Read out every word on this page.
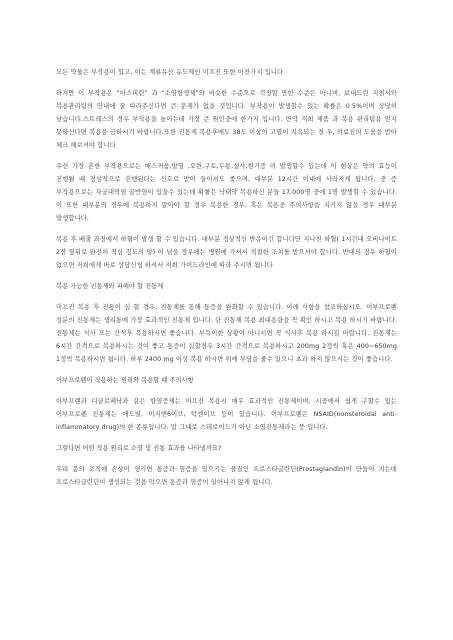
모든 약물은 부작용이 있고, 이는 계류유산 유도제인 미프진 또한 마찬가지 입니다.

하지만 이 부작용은 “아스피린” 과 “소염항생제”와 비슷한 수준으로 걱정할 만한 수준은 아니며, 보내드린 지침서와 복용관리팀의 안내에 잘 따라주신다면 큰 문제가 없을 것입니다. 부작용이 발생할수 있는 확률은 0.5%이며 상당히 낮습니다.스트레스의 경우 부작용을 높이는데 가장 큰 원인중에 한가지 입니다. 만약 저희 제품 과 복용 관리팀을 믿지 못하신다면 복용을 금하시기 바랍니다.또한 진통제 복용후에도 38도 이상의 고열이 지속되는 경 우, 의료진의 도움을 받아 체크 해보셔야 합니다

우선 가장 흔한 부작용으로는 매스꺼움,발열 ,오한,구토,두통,설사,현기증 이 발생할수 있는데 이 현상은 약의 효능이 진행될 때 정상적으로 진행된다는 신호로 받아 들이셔도 좋으며, 대부분 12시간 이내에 사라지게 됩니다. 중 증 부작용으로는 자궁내막염 골반염이 있을수 있는데 확률은 낙태약 복용하신 분들 17,000명 중에 1명 발생할 수 있습니다. 이 또한 대부분의 경우에 복용하지 말아야 할 경우 복용한 경우, 혹은 복용중 주의사항을 지키지 않을 경우 대부분 발생합니다.

복용 후 배출 과정에서 하혈이 발생 할 수 있습니다. 대부분 정상적인 반응이긴 합니다만 지나친 하혈( 1시간내 오버나이트 2장 옆뒤로 완전히 적심 정도의 양) 이 넘을 경우에는 병원에 가셔서 적절한 조치를 받으셔야 합니다. 반대의 경우 하혈이 없으면 저희에게 바로 상담신청 하셔서 저희 가이드라인에 따라 주시면 됩니다

복용 가능한 진통제와 피해야 할 진통제

미프진 복용 후 진통이 심 할 경우, 진통제를 통해 통증을 완화할 수 있습니다. 아래 사항을 참조하십시오. 이부프로펜 성분의 진통제는 생리통에 가장 효과적인 진통제 입니다. 단 진통제 복용 최대용량을 꼭 확인 하시고 복용 하시기 바랍니다. 진통제는 식사 또는 간식후 복용하시면 좋습니다. 부득이한 상황이 아니시면 꼭 식사후 복용 하시길 바랍니다. 진통제는 6시간 간격으로 복용하시는 것이 좋고 통증이 심할경우 3시간 간격으로 복용하시고 200mg 2정씩 혹은 400~650mg 1정씩 복용하시면 됩니다. 하루 2400 mg 이상 복용 하시면 위에 부담을 줄수 있으니 초과 하지 않으시는 것이 좋습니다.

이부프로펜이 작용하는 원리와 복용할 때 주의사항

이부프랜과 디클로페낙과 같은 항염증제는 미프진 복용시 매우 효과적인 진통제이며, 시중에서 쉽게 구할수 있는 이부프로펜 진통제는 애드빌, 이지엔6이브, 탁센이브 등이 있습니다. 이부프로펜은 NSAID(nonsteroidal anti-inflammatory drug)의 한 종류입니다. 말 그대로 스테로이드가 아닌 소염진통제라는 뜻 입니다.

그렇다면 어떤 작용 원리로 소염 및 진통 효과를 나타낼까요?

우리 몸의 조직에 손상이 생기면 통증과 염증을 일으키는 물질인 프로스타글란딘(Prostaglandin)이 만들어 지는데 프로스타글란딘이 생성되는 것을 막으면 통증과 염증이 일어나지 않게 됩니다.
